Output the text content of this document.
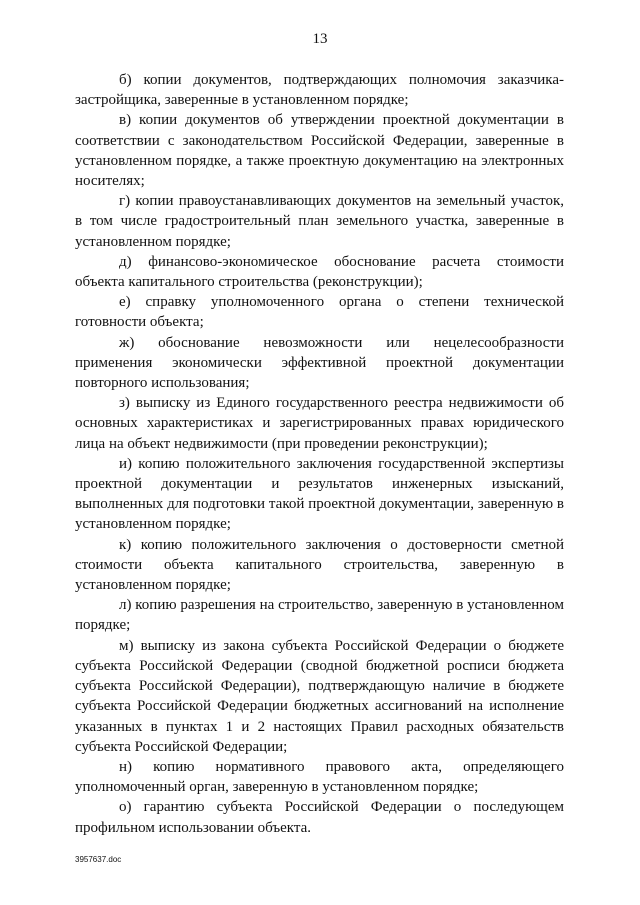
13

б) копии документов, подтверждающих полномочия заказчика-застройщика, заверенные в установленном порядке;

в) копии документов об утверждении проектной документации в соответствии с законодательством Российской Федерации, заверенные в установленном порядке, а также проектную документацию на электронных носителях;

г) копии правоустанавливающих документов на земельный участок, в том числе градостроительный план земельного участка, заверенные в установленном порядке;

д) финансово-экономическое обоснование расчета стоимости объекта капитального строительства (реконструкции);

е) справку уполномоченного органа о степени технической готовности объекта;

ж) обоснование невозможности или нецелесообразности применения экономически эффективной проектной документации повторного использования;

з) выписку из Единого государственного реестра недвижимости об основных характеристиках и зарегистрированных правах юридического лица на объект недвижимости (при проведении реконструкции);

и) копию положительного заключения государственной экспертизы проектной документации и результатов инженерных изысканий, выполненных для подготовки такой проектной документации, заверенную в установленном порядке;

к) копию положительного заключения о достоверности сметной стоимости объекта капитального строительства, заверенную в установленном порядке;

л) копию разрешения на строительство, заверенную в установленном порядке;

м) выписку из закона субъекта Российской Федерации о бюджете субъекта Российской Федерации (сводной бюджетной росписи бюджета субъекта Российской Федерации), подтверждающую наличие в бюджете субъекта Российской Федерации бюджетных ассигнований на исполнение указанных в пунктах 1 и 2 настоящих Правил расходных обязательств субъекта Российской Федерации;

н) копию нормативного правового акта, определяющего уполномоченный орган, заверенную в установленном порядке;

о) гарантию субъекта Российской Федерации о последующем профильном использовании объекта.

3957637.doc
